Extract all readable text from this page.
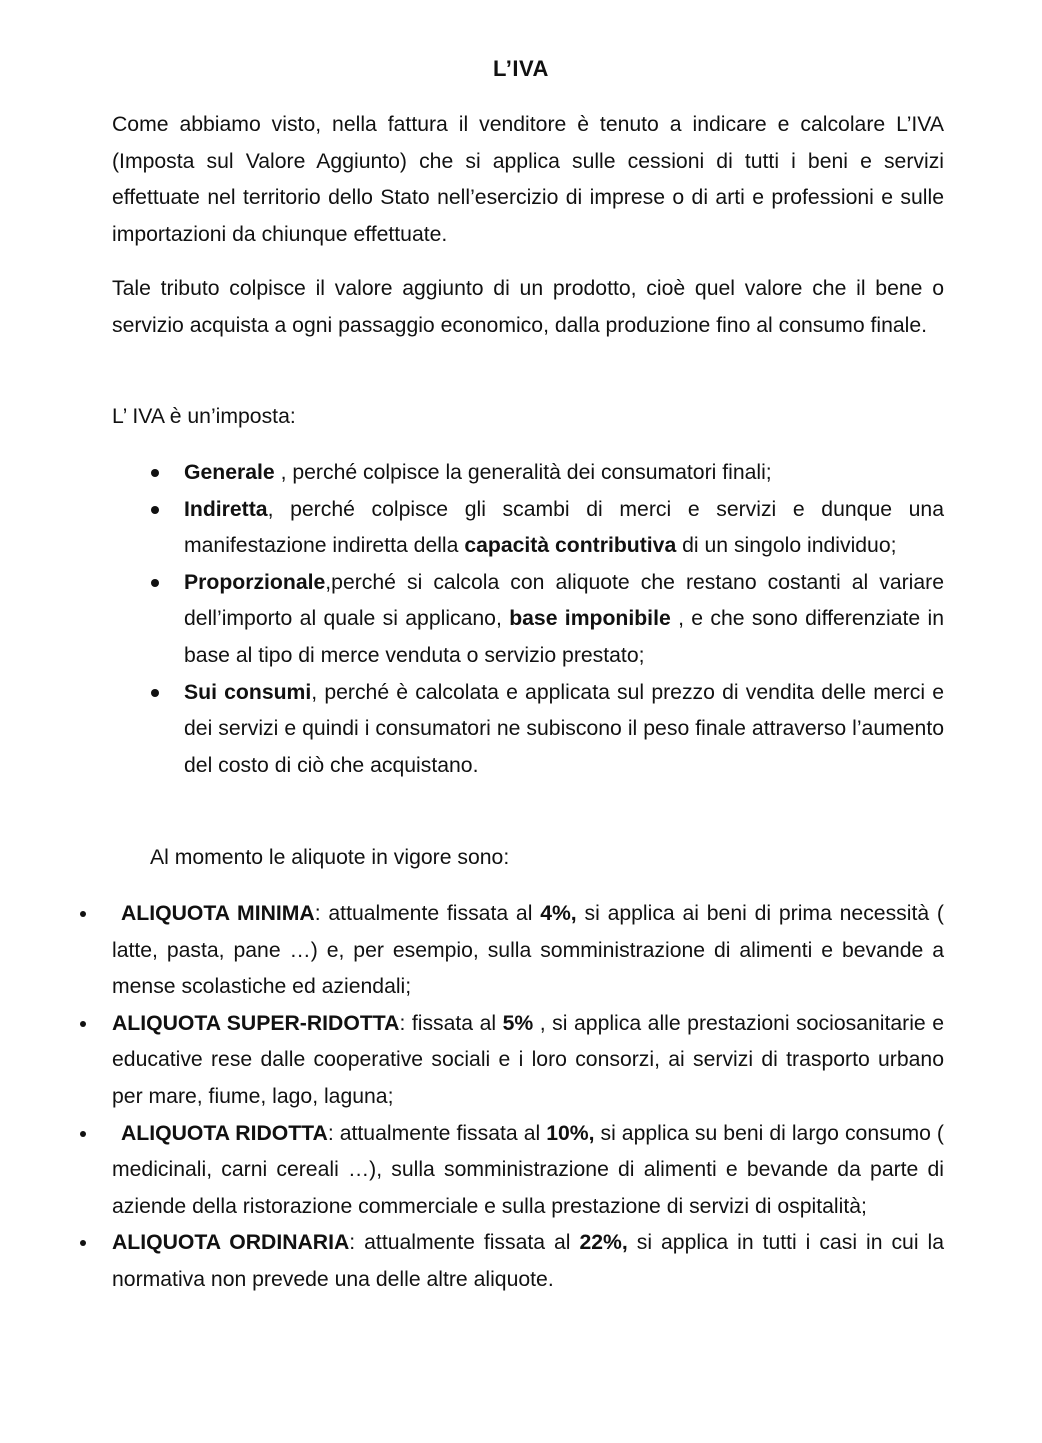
L’IVA

Come abbiamo visto, nella fattura il venditore è tenuto a indicare e calcolare L’IVA (Imposta sul Valore Aggiunto) che si applica sulle cessioni di tutti i beni e servizi effettuate nel territorio dello Stato nell’esercizio di imprese o di arti e professioni e sulle importazioni da chiunque effettuate.

Tale tributo colpisce il valore aggiunto di un prodotto, cioè quel valore che il bene o servizio acquista a ogni passaggio economico, dalla produzione fino al consumo finale.

L’ IVA è un’imposta:

Generale , perché colpisce la generalità dei consumatori finali;
Indiretta, perché colpisce gli scambi di merci e servizi e dunque una manifestazione indiretta della capacità contributiva di un singolo individuo;
Proporzionale,perché si calcola con aliquote che restano costanti al variare dell’importo al quale si applicano, base imponibile , e che sono differenziate in base al tipo di merce venduta o servizio prestato;
Sui consumi, perché è calcolata e applicata sul prezzo di vendita delle merci e dei servizi e quindi i consumatori ne subiscono il peso finale attraverso l’aumento del costo di ciò che acquistano.

Al momento le aliquote in vigore sono:

ALIQUOTA MINIMA: attualmente fissata al 4%, si applica ai beni di prima necessità ( latte, pasta, pane …) e, per esempio, sulla somministrazione di alimenti e bevande a mense scolastiche ed aziendali;
ALIQUOTA SUPER-RIDOTTA: fissata al 5% , si applica alle prestazioni sociosanitarie e educative rese dalle cooperative sociali e i loro consorzi, ai servizi di trasporto urbano per mare, fiume, lago, laguna;
ALIQUOTA RIDOTTA: attualmente fissata al 10%, si applica su beni di largo consumo ( medicinali, carni cereali …), sulla somministrazione di alimenti e bevande da parte di aziende della ristorazione commerciale e sulla prestazione di servizi di ospitalità;
ALIQUOTA ORDINARIA: attualmente fissata al 22%, si applica in tutti i casi in cui la normativa non prevede una delle altre aliquote.
